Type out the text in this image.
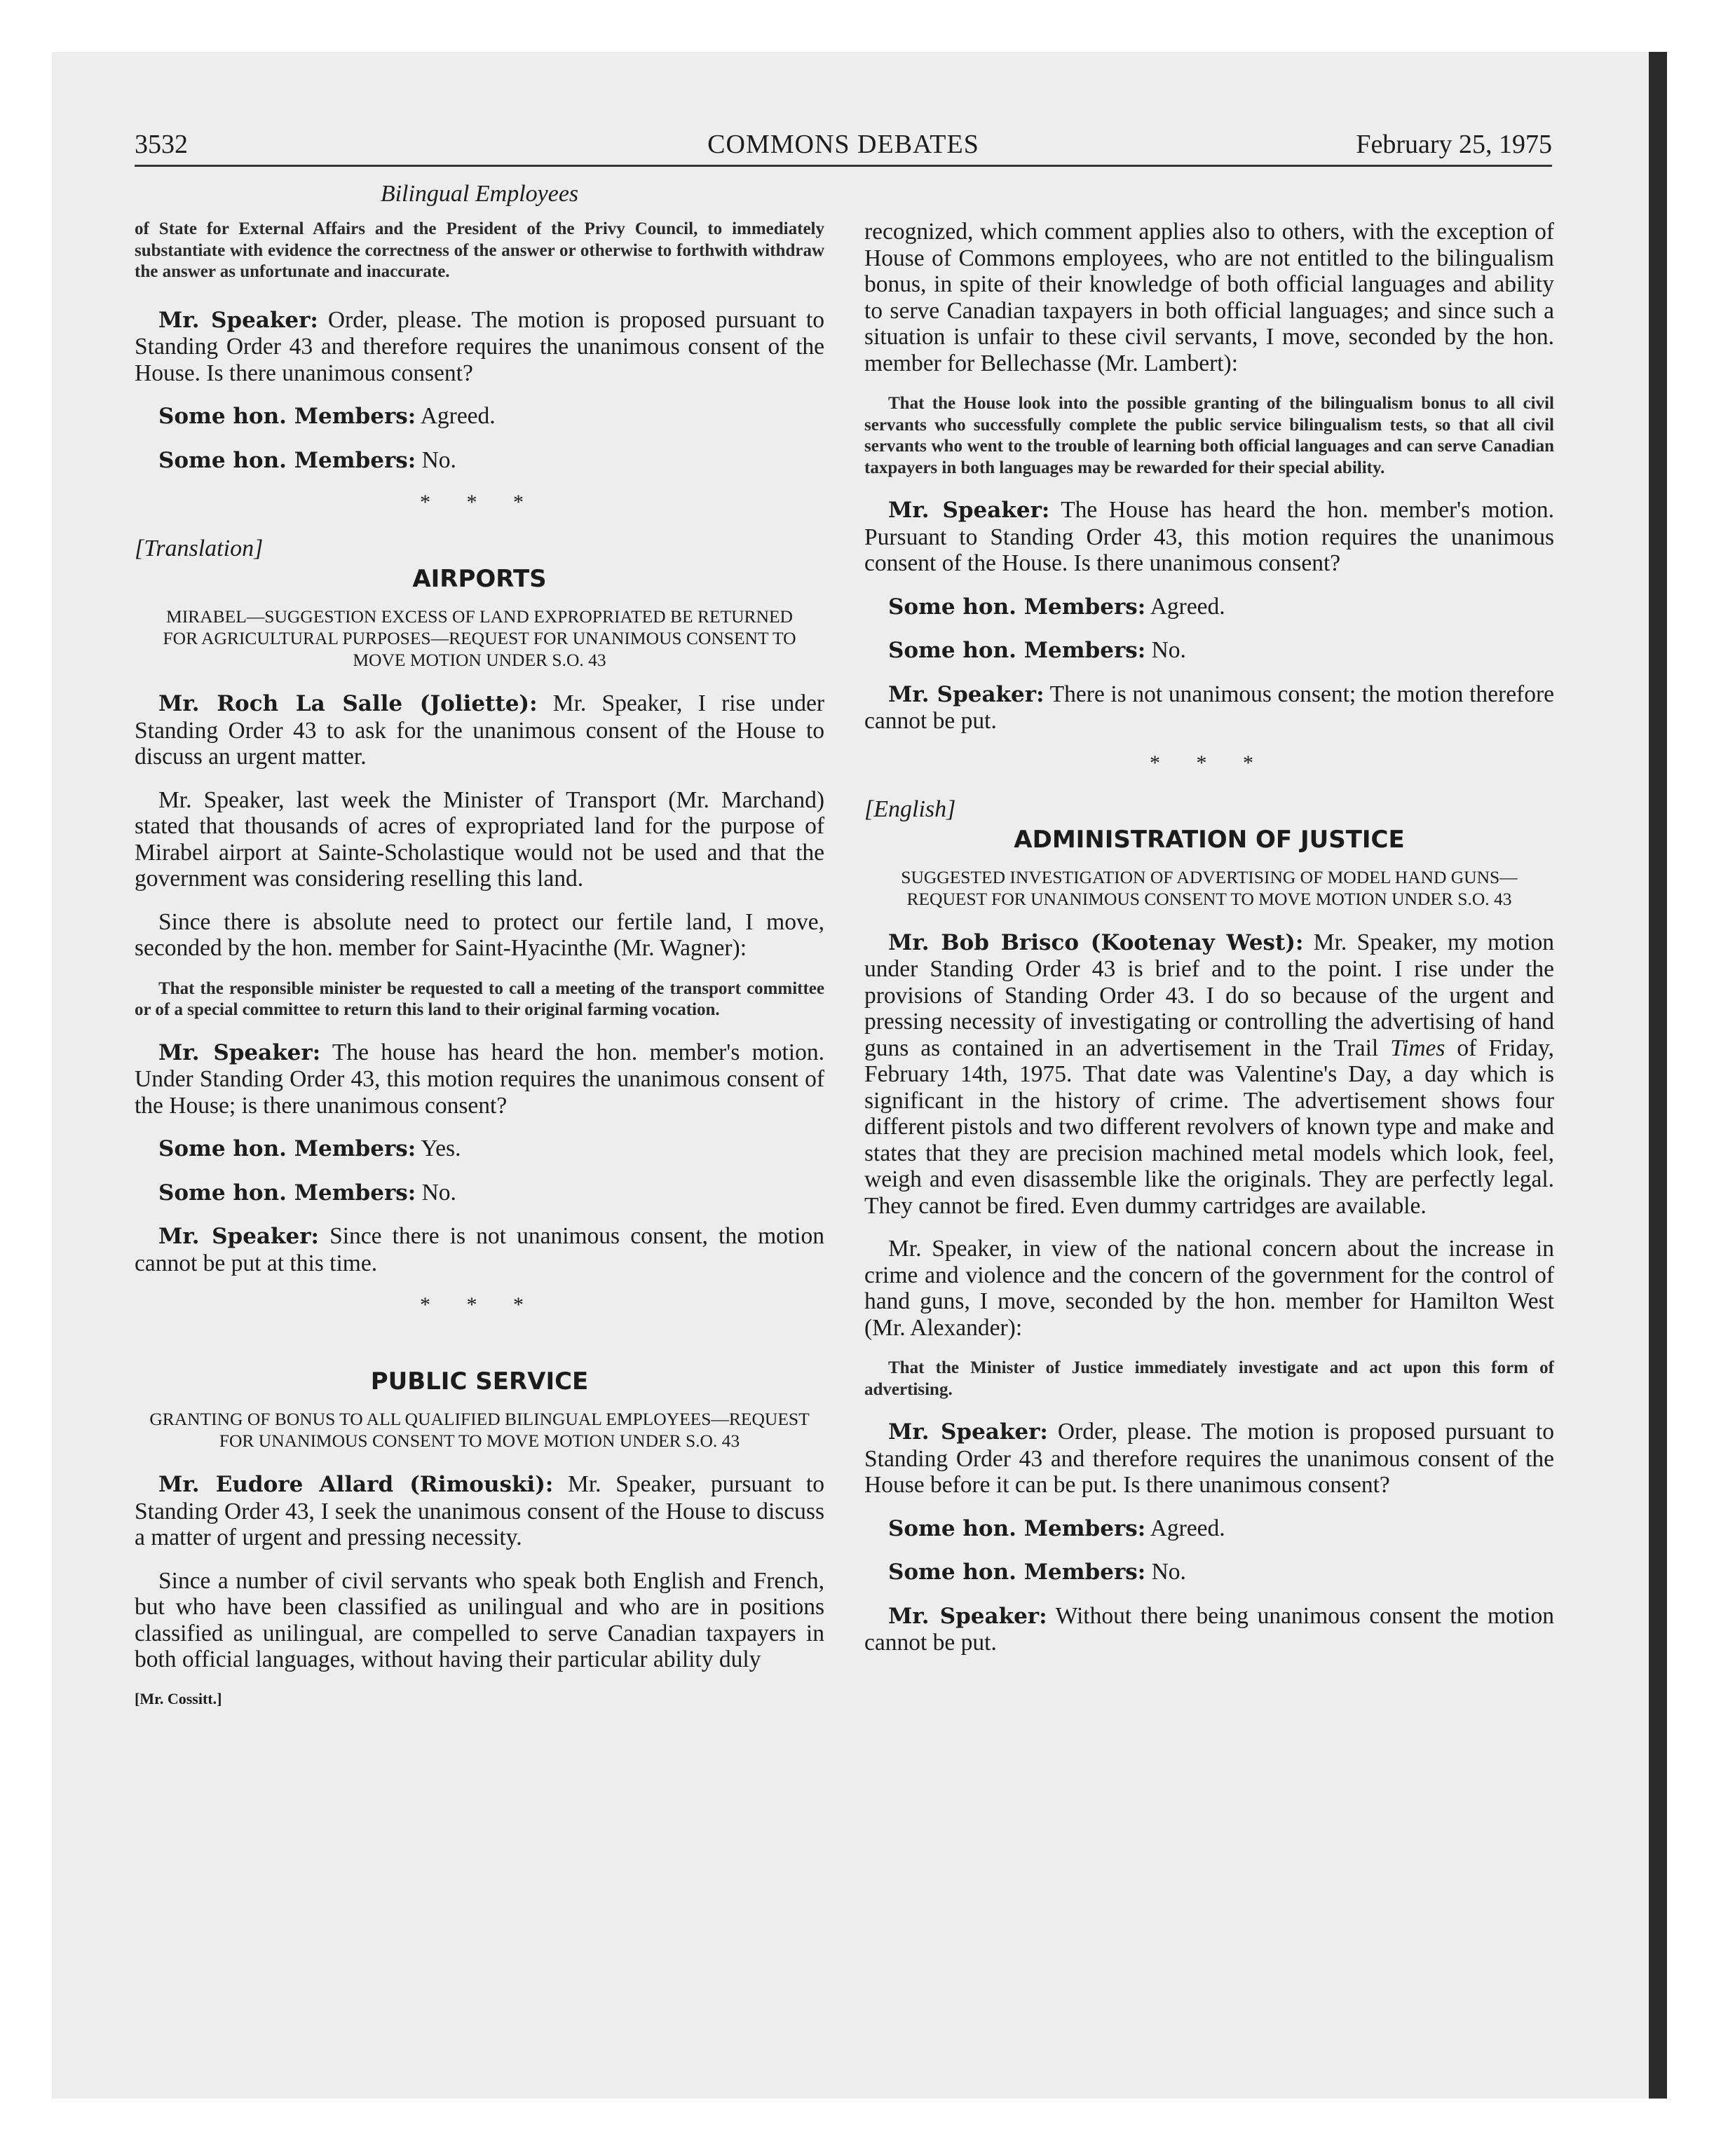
3532	COMMONS DEBATES	February 25, 1975
Bilingual Employees

of State for External Affairs and the President of the Privy Council, to immediately substantiate with evidence the correctness of the answer or otherwise to forthwith withdraw the answer as unfortunate and inaccurate.

Mr. Speaker: Order, please. The motion is proposed pursuant to Standing Order 43 and therefore requires the unanimous consent of the House. Is there unanimous consent?

Some hon. Members: Agreed.

Some hon. Members: No.

* * *

[Translation]

AIRPORTS
MIRABEL—SUGGESTION EXCESS OF LAND EXPROPRIATED BE RETURNED FOR AGRICULTURAL PURPOSES—REQUEST FOR UNANIMOUS CONSENT TO MOVE MOTION UNDER S.O. 43

Mr. Roch La Salle (Joliette): Mr. Speaker, I rise under Standing Order 43 to ask for the unanimous consent of the House to discuss an urgent matter.

Mr. Speaker, last week the Minister of Transport (Mr. Marchand) stated that thousands of acres of expropriated land for the purpose of Mirabel airport at Sainte-Scholastique would not be used and that the government was considering reselling this land.

Since there is absolute need to protect our fertile land, I move, seconded by the hon. member for Saint-Hyacinthe (Mr. Wagner):

That the responsible minister be requested to call a meeting of the transport committee or of a special committee to return this land to their original farming vocation.

Mr. Speaker: The house has heard the hon. member's motion. Under Standing Order 43, this motion requires the unanimous consent of the House; is there unanimous consent?

Some hon. Members: Yes.

Some hon. Members: No.

Mr. Speaker: Since there is not unanimous consent, the motion cannot be put at this time.

* * *
PUBLIC SERVICE
GRANTING OF BONUS TO ALL QUALIFIED BILINGUAL EMPLOYEES—REQUEST FOR UNANIMOUS CONSENT TO MOVE MOTION UNDER S.O. 43

Mr. Eudore Allard (Rimouski): Mr. Speaker, pursuant to Standing Order 43, I seek the unanimous consent of the House to discuss a matter of urgent and pressing necessity.

Since a number of civil servants who speak both English and French, but who have been classified as unilingual and who are in positions classified as unilingual, are compelled to serve Canadian taxpayers in both official languages, without having their particular ability duly

[Mr. Cossitt.]

recognized, which comment applies also to others, with the exception of House of Commons employees, who are not entitled to the bilingualism bonus, in spite of their knowledge of both official languages and ability to serve Canadian taxpayers in both official languages; and since such a situation is unfair to these civil servants, I move, seconded by the hon. member for Bellechasse (Mr. Lambert):

That the House look into the possible granting of the bilingualism bonus to all civil servants who successfully complete the public service bilingualism tests, so that all civil servants who went to the trouble of learning both official languages and can serve Canadian taxpayers in both languages may be rewarded for their special ability.

Mr. Speaker: The House has heard the hon. member's motion. Pursuant to Standing Order 43, this motion requires the unanimous consent of the House. Is there unanimous consent?

Some hon. Members: Agreed.

Some hon. Members: No.

Mr. Speaker: There is not unanimous consent; the motion therefore cannot be put.

* * *

[English]

ADMINISTRATION OF JUSTICE
SUGGESTED INVESTIGATION OF ADVERTISING OF MODEL HAND GUNS—REQUEST FOR UNANIMOUS CONSENT TO MOVE MOTION UNDER S.O. 43

Mr. Bob Brisco (Kootenay West): Mr. Speaker, my motion under Standing Order 43 is brief and to the point. I rise under the provisions of Standing Order 43. I do so because of the urgent and pressing necessity of investigating or controlling the advertising of hand guns as contained in an advertisement in the Trail Times of Friday, February 14th, 1975. That date was Valentine's Day, a day which is significant in the history of crime. The advertisement shows four different pistols and two different revolvers of known type and make and states that they are precision machined metal models which look, feel, weigh and even disassemble like the originals. They are perfectly legal. They cannot be fired. Even dummy cartridges are available.

Mr. Speaker, in view of the national concern about the increase in crime and violence and the concern of the government for the control of hand guns, I move, seconded by the hon. member for Hamilton West (Mr. Alexander):

That the Minister of Justice immediately investigate and act upon this form of advertising.

Mr. Speaker: Order, please. The motion is proposed pursuant to Standing Order 43 and therefore requires the unanimous consent of the House before it can be put. Is there unanimous consent?

Some hon. Members: Agreed.

Some hon. Members: No.

Mr. Speaker: Without there being unanimous consent the motion cannot be put.
